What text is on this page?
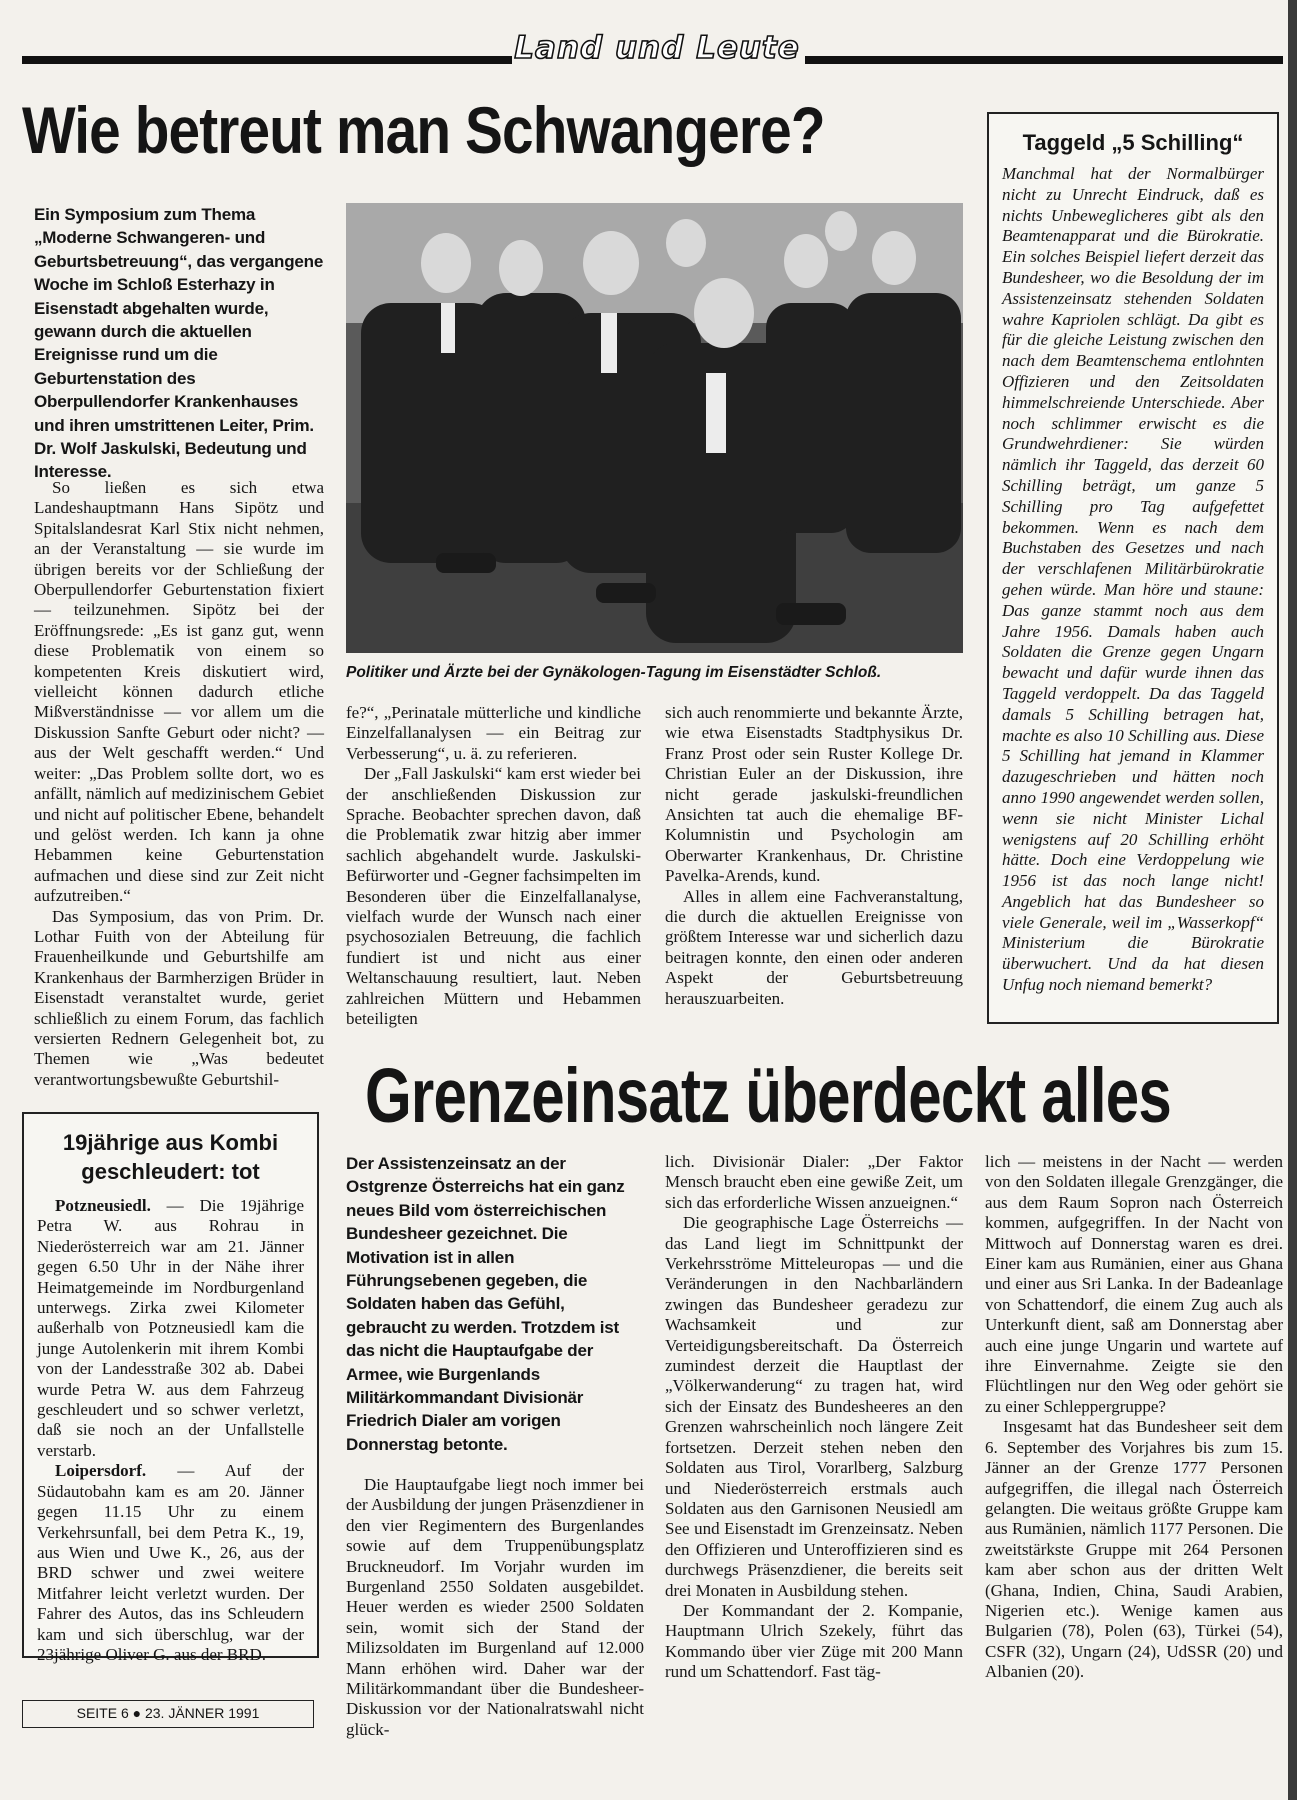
Land und Leute
Wie betreut man Schwangere?
Ein Symposium zum Thema „Moderne Schwangeren- und Geburtsbetreuung“, das vergangene Woche im Schloß Esterhazy in Eisenstadt abgehalten wurde, gewann durch die aktuellen Ereignisse rund um die Geburtenstation des Oberpullendorfer Krankenhauses und ihren umstrittenen Leiter, Prim. Dr. Wolf Jaskulski, Bedeutung und Interesse.
Politiker und Ärzte bei der Gynäkologen-Tagung im Eisenstädter Schloß.

So ließen es sich etwa Landeshauptmann Hans Sipötz und Spitalslandesrat Karl Stix nicht nehmen, an der Veranstaltung — sie wurde im übrigen bereits vor der Schließung der Oberpullendorfer Geburtenstation fixiert — teilzunehmen. Sipötz bei der Eröffnungsrede: „Es ist ganz gut, wenn diese Problematik von einem so kompetenten Kreis diskutiert wird, vielleicht können dadurch etliche Mißverständnisse — vor allem um die Diskussion Sanfte Geburt oder nicht? — aus der Welt geschafft werden.“ Und weiter: „Das Problem sollte dort, wo es anfällt, nämlich auf medizinischem Gebiet und nicht auf politischer Ebene, behandelt und gelöst werden. Ich kann ja ohne Hebammen keine Geburtenstation aufmachen und diese sind zur Zeit nicht aufzutreiben.“

Das Symposium, das von Prim. Dr. Lothar Fuith von der Abteilung für Frauenheilkunde und Geburtshilfe am Krankenhaus der Barmherzigen Brüder in Eisenstadt veranstaltet wurde, geriet schließlich zu einem Forum, das fachlich versierten Rednern Gelegenheit bot, zu Themen wie „Was bedeutet verantwortungsbewußte Geburtshil-

fe?“, „Perinatale mütterliche und kindliche Einzelfallanalysen — ein Beitrag zur Verbesserung“, u. ä. zu referieren.

Der „Fall Jaskulski“ kam erst wieder bei der anschließenden Diskussion zur Sprache. Beobachter sprechen davon, daß die Problematik zwar hitzig aber immer sachlich abgehandelt wurde. Jaskulski-Befürworter und -Gegner fachsimpelten im Besonderen über die Einzelfallanalyse, vielfach wurde der Wunsch nach einer psychosozialen Betreuung, die fachlich fundiert ist und nicht aus einer Weltanschauung resultiert, laut. Neben zahlreichen Müttern und Hebammen beteiligten

sich auch renommierte und bekannte Ärzte, wie etwa Eisenstadts Stadtphysikus Dr. Franz Prost oder sein Ruster Kollege Dr. Christian Euler an der Diskussion, ihre nicht gerade jaskulski-freundlichen Ansichten tat auch die ehemalige BF-Kolumnistin und Psychologin am Oberwarter Krankenhaus, Dr. Christine Pavelka-Arends, kund.

Alles in allem eine Fachveranstaltung, die durch die aktuellen Ereignisse von größtem Interesse war und sicherlich dazu beitragen konnte, den einen oder anderen Aspekt der Geburtsbetreuung herauszuarbeiten.

Taggeld „5 Schilling“
Manchmal hat der Normalbürger nicht zu Unrecht Eindruck, daß es nichts Unbeweglicheres gibt als den Beamtenapparat und die Bürokratie. Ein solches Beispiel liefert derzeit das Bundesheer, wo die Besoldung der im Assistenzeinsatz stehenden Soldaten wahre Kapriolen schlägt. Da gibt es für die gleiche Leistung zwischen den nach dem Beamtenschema entlohnten Offizieren und den Zeitsoldaten himmelschreiende Unterschiede. Aber noch schlimmer erwischt es die Grundwehrdiener: Sie würden nämlich ihr Taggeld, das derzeit 60 Schilling beträgt, um ganze 5 Schilling pro Tag aufgefettet bekommen. Wenn es nach dem Buchstaben des Gesetzes und nach der verschlafenen Militärbürokratie gehen würde. Man höre und staune: Das ganze stammt noch aus dem Jahre 1956. Damals haben auch Soldaten die Grenze gegen Ungarn bewacht und dafür wurde ihnen das Taggeld verdoppelt. Da das Taggeld damals 5 Schilling betragen hat, machte es also 10 Schilling aus. Diese 5 Schilling hat jemand in Klammer dazugeschrieben und hätten noch anno 1990 angewendet werden sollen, wenn sie nicht Minister Lichal wenigstens auf 20 Schilling erhöht hätte. Doch eine Verdoppelung wie 1956 ist das noch lange nicht! Angeblich hat das Bundesheer so viele Generale, weil im „Wasserkopf“ Ministerium die Bürokratie überwuchert. Und da hat diesen Unfug noch niemand bemerkt?
19jährige aus Kombi geschleudert: tot

Potzneusiedl. — Die 19jährige Petra W. aus Rohrau in Niederösterreich war am 21. Jänner gegen 6.50 Uhr in der Nähe ihrer Heimatgemeinde im Nordburgenland unterwegs. Zirka zwei Kilometer außerhalb von Potzneusiedl kam die junge Autolenkerin mit ihrem Kombi von der Landesstraße 302 ab. Dabei wurde Petra W. aus dem Fahrzeug geschleudert und so schwer verletzt, daß sie noch an der Unfallstelle verstarb.

Loipersdorf. — Auf der Südautobahn kam es am 20. Jänner gegen 11.15 Uhr zu einem Verkehrsunfall, bei dem Petra K., 19, aus Wien und Uwe K., 26, aus der BRD schwer und zwei weitere Mitfahrer leicht verletzt wurden. Der Fahrer des Autos, das ins Schleudern kam und sich überschlug, war der 23jährige Oliver G. aus der BRD.

SEITE 6 ● 23. JÄNNER 1991
Grenzeinsatz überdeckt alles
Der Assistenzeinsatz an der Ostgrenze Österreichs hat ein ganz neues Bild vom österreichischen Bundesheer gezeichnet. Die Motivation ist in allen Führungsebenen gegeben, die Soldaten haben das Gefühl, gebraucht zu werden. Trotzdem ist das nicht die Hauptaufgabe der Armee, wie Burgenlands Militärkommandant Divisionär Friedrich Dialer am vorigen Donnerstag betonte.

Die Hauptaufgabe liegt noch immer bei der Ausbildung der jungen Präsenzdiener in den vier Regimentern des Burgenlandes sowie auf dem Truppenübungsplatz Bruckneudorf. Im Vorjahr wurden im Burgenland 2550 Soldaten ausgebildet. Heuer werden es wieder 2500 Soldaten sein, womit sich der Stand der Milizsoldaten im Burgenland auf 12.000 Mann erhöhen wird. Daher war der Militärkommandant über die Bundesheer-Diskussion vor der Nationalratswahl nicht glück-

lich. Divisionär Dialer: „Der Faktor Mensch braucht eben eine gewiße Zeit, um sich das erforderliche Wissen anzueignen.“

Die geographische Lage Österreichs — das Land liegt im Schnittpunkt der Verkehrsströme Mitteleuropas — und die Veränderungen in den Nachbarländern zwingen das Bundesheer geradezu zur Wachsamkeit und zur Verteidigungsbereitschaft. Da Österreich zumindest derzeit die Hauptlast der „Völkerwanderung“ zu tragen hat, wird sich der Einsatz des Bundesheeres an den Grenzen wahrscheinlich noch längere Zeit fortsetzen. Derzeit stehen neben den Soldaten aus Tirol, Vorarlberg, Salzburg und Niederösterreich erstmals auch Soldaten aus den Garnisonen Neusiedl am See und Eisenstadt im Grenzeinsatz. Neben den Offizieren und Unteroffizieren sind es durchwegs Präsenzdiener, die bereits seit drei Monaten in Ausbildung stehen.

Der Kommandant der 2. Kompanie, Hauptmann Ulrich Szekely, führt das Kommando über vier Züge mit 200 Mann rund um Schattendorf. Fast täg-

lich — meistens in der Nacht — werden von den Soldaten illegale Grenzgänger, die aus dem Raum Sopron nach Österreich kommen, aufgegriffen. In der Nacht von Mittwoch auf Donnerstag waren es drei. Einer kam aus Rumänien, einer aus Ghana und einer aus Sri Lanka. In der Badeanlage von Schattendorf, die einem Zug auch als Unterkunft dient, saß am Donnerstag aber auch eine junge Ungarin und wartete auf ihre Einvernahme. Zeigte sie den Flüchtlingen nur den Weg oder gehört sie zu einer Schleppergruppe?

Insgesamt hat das Bundesheer seit dem 6. September des Vorjahres bis zum 15. Jänner an der Grenze 1777 Personen aufgegriffen, die illegal nach Österreich gelangten. Die weitaus größte Gruppe kam aus Rumänien, nämlich 1177 Personen. Die zweitstärkste Gruppe mit 264 Personen kam aber schon aus der dritten Welt (Ghana, Indien, China, Saudi Arabien, Nigerien etc.). Wenige kamen aus Bulgarien (78), Polen (63), Türkei (54), CSFR (32), Ungarn (24), UdSSR (20) und Albanien (20).
